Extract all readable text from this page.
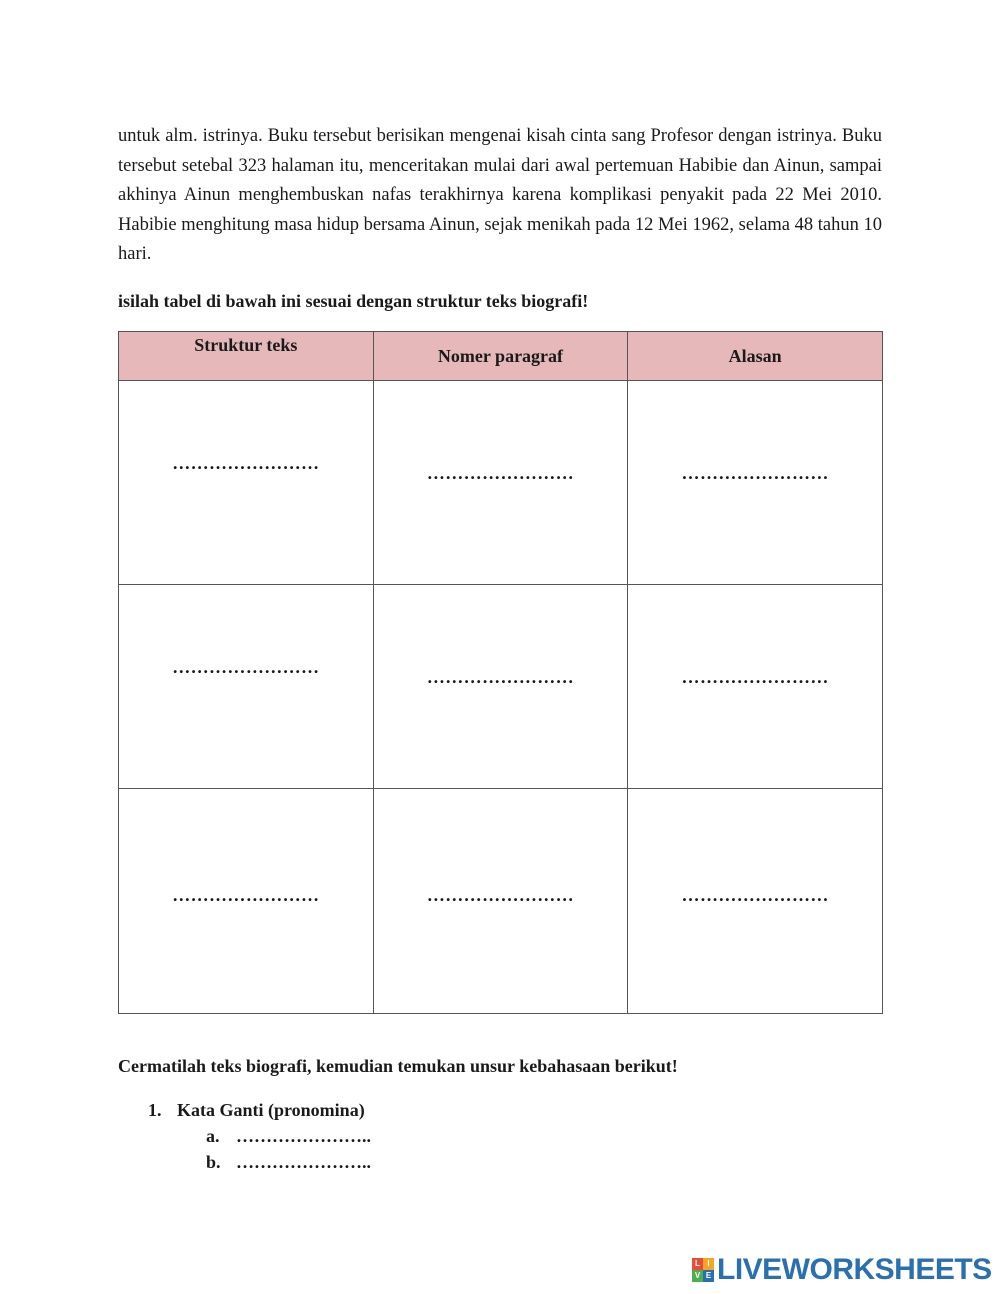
untuk alm. istrinya. Buku tersebut berisikan mengenai kisah cinta sang Profesor dengan istrinya. Buku tersebut setebal 323 halaman itu, menceritakan mulai dari awal pertemuan Habibie dan Ainun, sampai akhinya Ainun menghembuskan nafas terakhirnya karena komplikasi penyakit pada 22 Mei 2010. Habibie menghitung masa hidup bersama Ainun, sejak menikah pada 12 Mei 1962, selama 48 tahun 10 hari.

isilah tabel di bawah ini sesuai dengan struktur teks biografi!

Struktur teks	Nomer paragraf	Alasan
……………………	……………………	……………………
……………………	……………………	……………………
……………………	……………………	……………………

Cermatilah teks biografi, kemudian temukan unsur kebahasaan berikut!

1. Kata Ganti (pronomina)
a. …………………..
b. …………………..
L I
V E LIVEWORKSHEETS
